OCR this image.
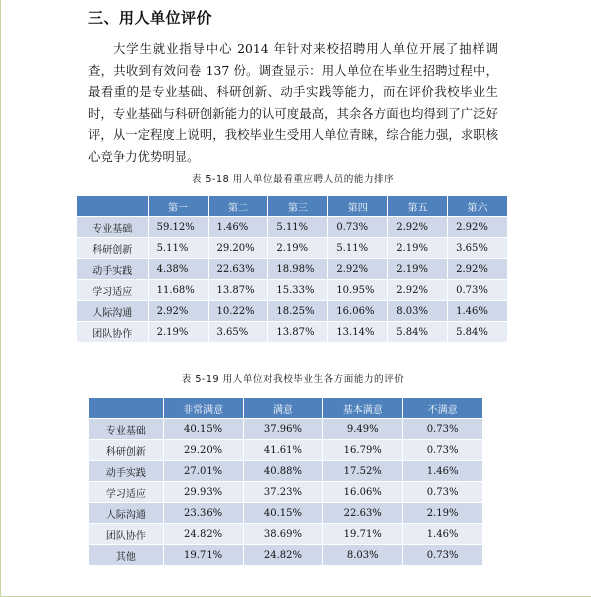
三、用人单位评价

大学生就业指导中心 2014 年针对来校招聘用人单位开展了抽样调查，共收到有效问卷 137 份。调查显示：用人单位在毕业生招聘过程中，最看重的是专业基础、科研创新、动手实践等能力，而在评价我校毕业生时，专业基础与科研创新能力的认可度最高，其余各方面也均得到了广泛好评，从一定程度上说明，我校毕业生受用人单位青睐，综合能力强，求职核心竞争力优势明显。

表 5-18 用人单位最看重应聘人员的能力排序
	第一	第二	第三	第四	第五	第六
专业基础	59.12%	1.46%	5.11%	0.73%	2.92%	2.92%
科研创新	5.11%	29.20%	2.19%	5.11%	2.19%	3.65%
动手实践	4.38%	22.63%	18.98%	2.92%	2.19%	2.92%
学习适应	11.68%	13.87%	15.33%	10.95%	2.92%	0.73%
人际沟通	2.92%	10.22%	18.25%	16.06%	8.03%	1.46%
团队协作	2.19%	3.65%	13.87%	13.14%	5.84%	5.84%
表 5-19 用人单位对我校毕业生各方面能力的评价
	非常满意	满意	基本满意	不满意
专业基础	40.15%	37.96%	9.49%	0.73%
科研创新	29.20%	41.61%	16.79%	0.73%
动手实践	27.01%	40.88%	17.52%	1.46%
学习适应	29.93%	37.23%	16.06%	0.73%
人际沟通	23.36%	40.15%	22.63%	2.19%
团队协作	24.82%	38.69%	19.71%	1.46%
其他	19.71%	24.82%	8.03%	0.73%
